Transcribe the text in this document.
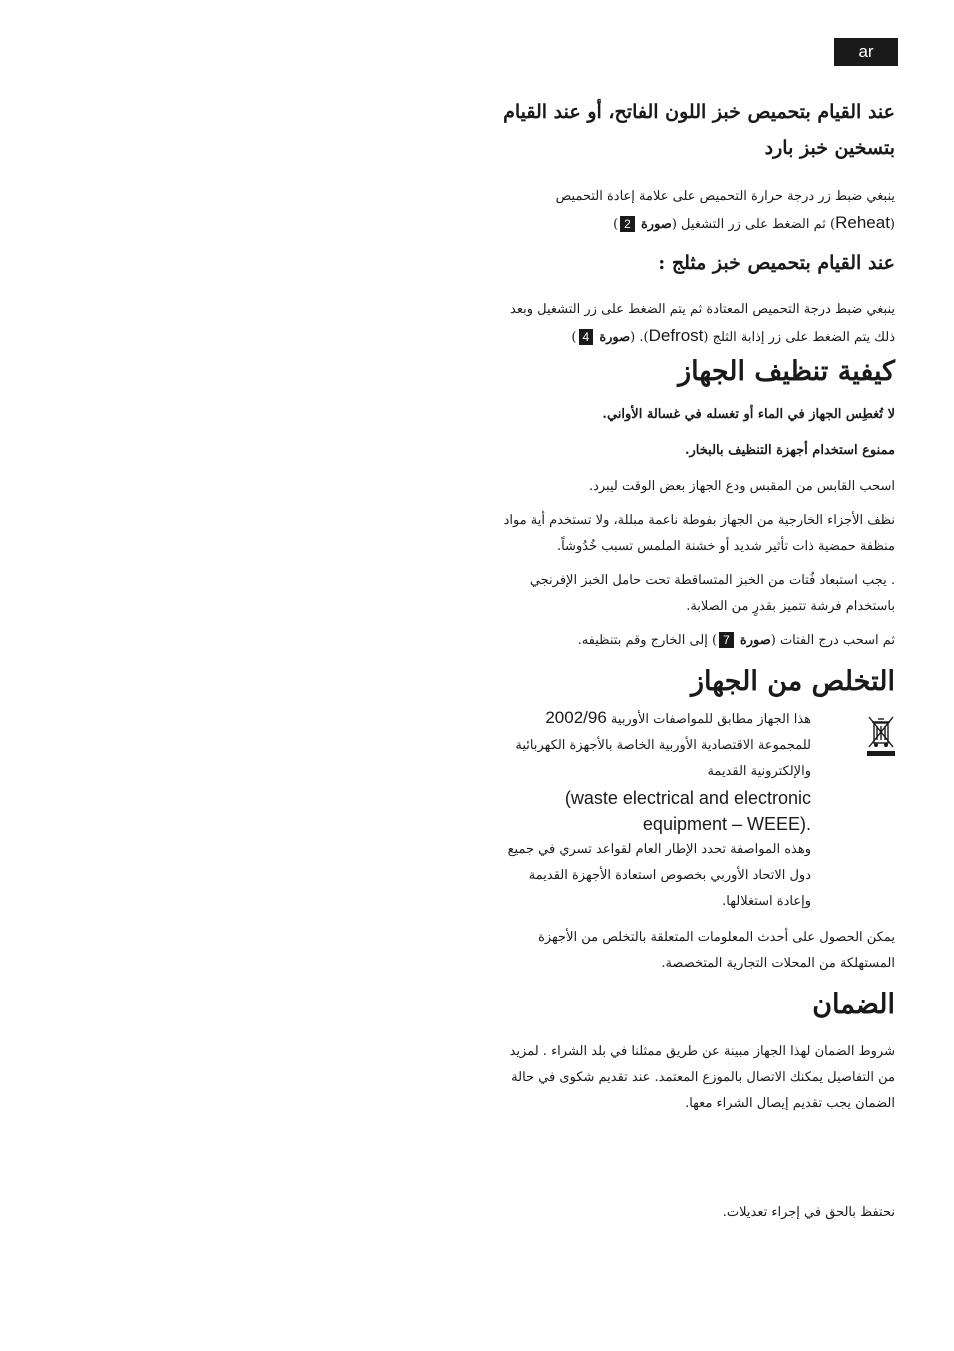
ar
عند القيام بتحميص خبز اللون الفاتح، أو عند القيام بتسخين خبز بارد

ينبغي ضبط زر درجة حرارة التحميص على علامة إعادة التحميص (Reheat) ثم الضغط على زر التشغيل (صورة 2)

عند القيام بتحميص خبز مثلج :

ينبغي ضبط درجة التحميص المعتادة ثم يتم الضغط على زر التشغيل وبعد ذلك يتم الضغط على زر إذابة الثلج (Defrost). (صورة 4)

كيفية تنظيف الجهاز

لا تُغطِس الجهاز في الماء أو تغسله في غسالة الأواني.

ممنوع استخدام أجهزة التنظيف بالبخار.

اسحب القابس من المقبس ودع الجهاز بعض الوقت ليبرد.

نظف الأجزاء الخارجية من الجهاز بفوطة ناعمة مبللة، ولا تستخدم أية مواد منظفة حمضية ذات تأثير شديد أو خشنة الملمس تسبب خُدُوشاً.

. يجب استبعاد فُتات من الخبز المتساقطة تحت حامل الخبز الإفرنجي باستخدام فرشة تتميز بقدرٍ من الصلابة.

ثم اسحب درج الفتات (صورة 7) إلى الخارج وقم بتنظيفه.

التخلص من الجهاز

هذا الجهاز مطابق للمواصفات الأوربية 2002/96

للمجموعة الاقتصادية الأوربية الخاصة بالأجهزة الكهربائية والإلكترونية القديمة

waste electrical and electronic)

.(equipment – WEEE

وهذه المواصفة تحدد الإطار العام لقواعد تسري في جميع دول الاتحاد الأوربي بخصوص استعادة الأجهزة القديمة وإعادة استغلالها.

يمكن الحصول على أحدث المعلومات المتعلقة بالتخلص من الأجهزة المستهلكة من المحلات التجارية المتخصصة.

الضمان

شروط الضمان لهذا الجهاز مبينة عن طريق ممثلنا في بلد الشراء . لمزيد من التفاصيل يمكنك الاتصال بالموزع المعتمد. عند تقديم شكوى في حالة الضمان يجب تقديم إيصال الشراء معها.

نحتفظ بالحق في إجراء تعديلات.
